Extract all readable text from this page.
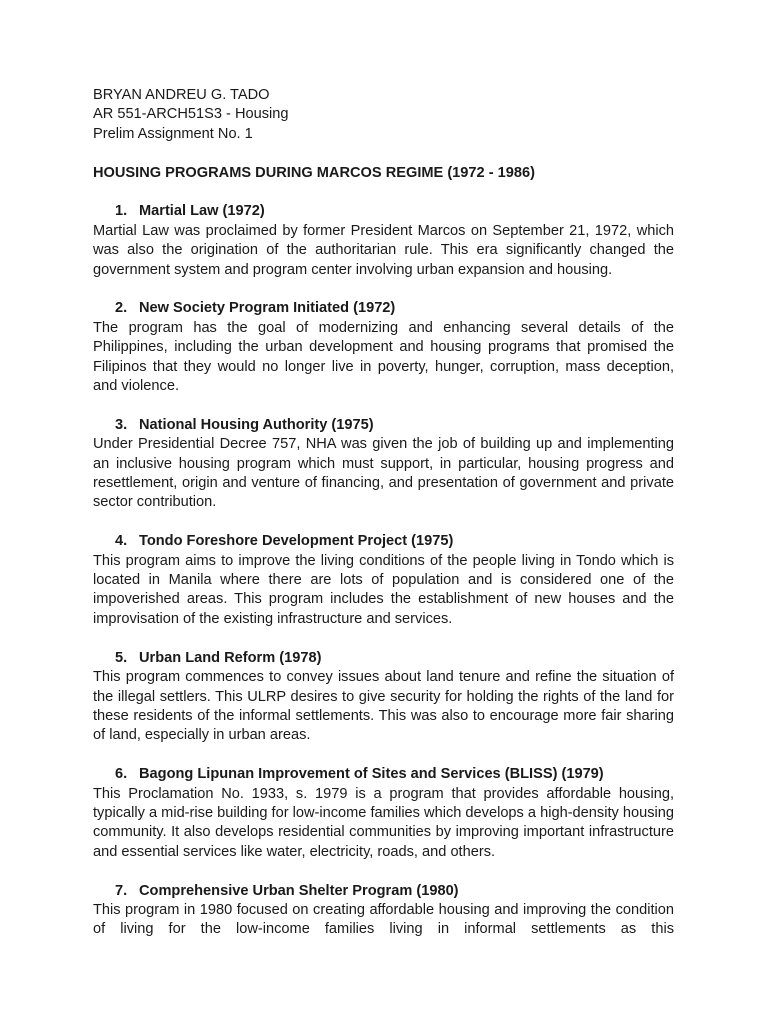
BRYAN ANDREU G. TADO
AR 551-ARCH51S3 - Housing
Prelim Assignment No. 1
HOUSING PROGRAMS DURING MARCOS REGIME (1972 - 1986)
1. Martial Law (1972)
Martial Law was proclaimed by former President Marcos on September 21, 1972, which was also the origination of the authoritarian rule. This era significantly changed the government system and program center involving urban expansion and housing.
2. New Society Program Initiated (1972)
The program has the goal of modernizing and enhancing several details of the Philippines, including the urban development and housing programs that promised the Filipinos that they would no longer live in poverty, hunger, corruption, mass deception, and violence.
3. National Housing Authority (1975)
Under Presidential Decree 757, NHA was given the job of building up and implementing an inclusive housing program which must support, in particular, housing progress and resettlement, origin and venture of financing, and presentation of government and private sector contribution.
4. Tondo Foreshore Development Project (1975)
This program aims to improve the living conditions of the people living in Tondo which is located in Manila where there are lots of population and is considered one of the impoverished areas. This program includes the establishment of new houses and the improvisation of the existing infrastructure and services.
5. Urban Land Reform (1978)
This program commences to convey issues about land tenure and refine the situation of the illegal settlers. This ULRP desires to give security for holding the rights of the land for these residents of the informal settlements. This was also to encourage more fair sharing of land, especially in urban areas.
6. Bagong Lipunan Improvement of Sites and Services (BLISS) (1979)
This Proclamation No. 1933, s. 1979 is a program that provides affordable housing, typically a mid-rise building for low-income families which develops a high-density housing community. It also develops residential communities by improving important infrastructure and essential services like water, electricity, roads, and others.
7. Comprehensive Urban Shelter Program (1980)
This program in 1980 focused on creating affordable housing and improving the condition of living for the low-income families living in informal settlements as this
